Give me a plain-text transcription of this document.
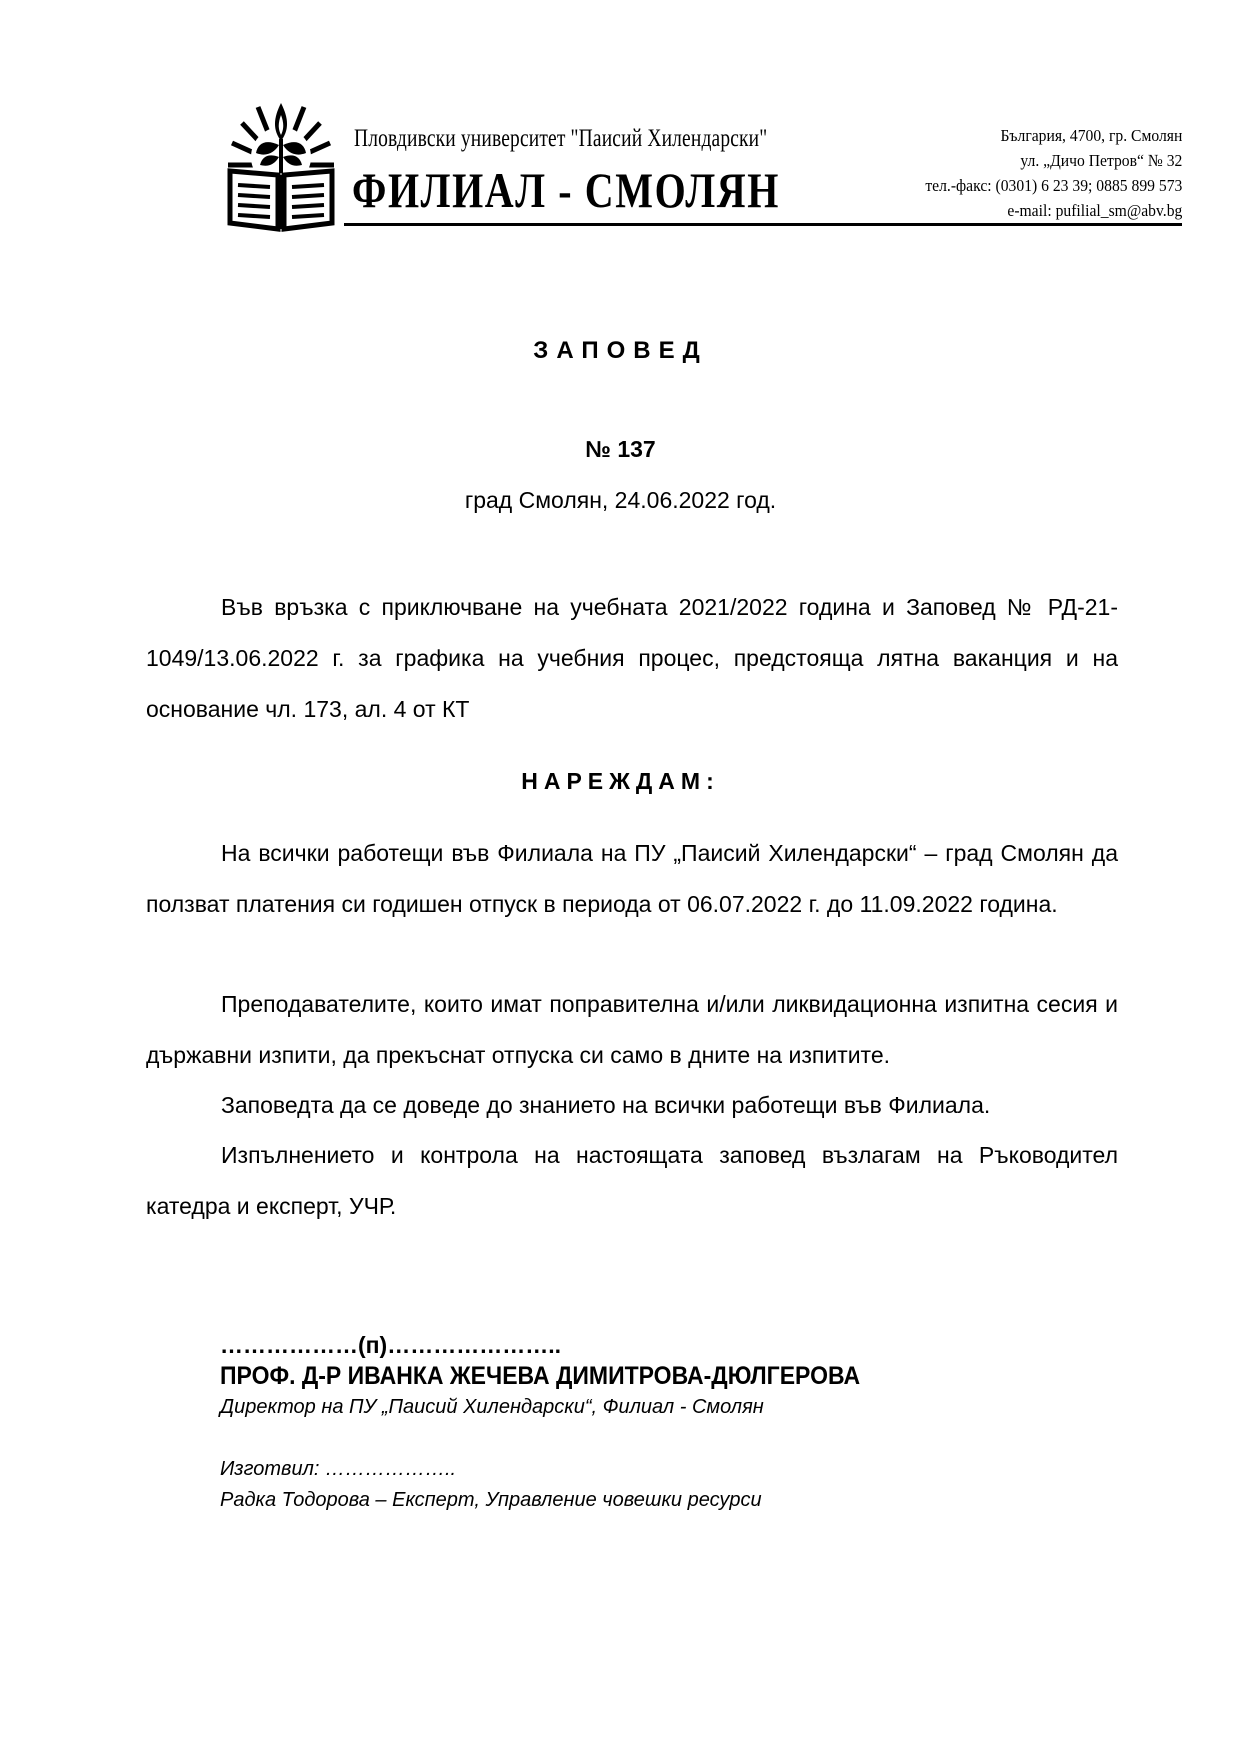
Пловдивски университет "Паисий Хилендарски"
ФИЛИАЛ - СМОЛЯН
България, 4700, гр. Смолян
ул. „Дичо Петров“ № 32
тел.-факс: (0301) 6 23 39; 0885 899 573
e-mail: pufilial_sm@abv.bg
ЗАПОВЕД
№ 137
град Смолян, 24.06.2022 год.

Във връзка с приключване на учебната 2021/2022 година и Заповед № РД-21-1049/13.06.2022 г. за графика на учебния процес, предстояща лятна ваканция и на основание чл. 173, ал. 4 от КТ

НАРЕЖДАМ:

На всички работещи във Филиала на ПУ „Паисий Хилендарски“ – град Смолян да ползват платения си годишен отпуск в периода от 06.07.2022 г. до 11.09.2022 година.

Преподавателите, които имат поправителна и/или ликвидационна изпитна сесия и държавни изпити, да прекъснат отпуска си само в дните на изпитите.

Заповедта да се доведе до знанието на всички работещи във Филиала.

Изпълнението и контрола на настоящата заповед възлагам на Ръководител катедра и експерт, УЧР.

………………(п)…………………..
ПРОФ. Д-Р ИВАНКА ЖЕЧЕВА ДИМИТРОВА-ДЮЛГЕРОВА
Директор на ПУ „Паисий Хилендарски“, Филиал - Смолян
Изготвил: ………………..
Радка Тодорова – Експерт, Управление човешки ресурси
